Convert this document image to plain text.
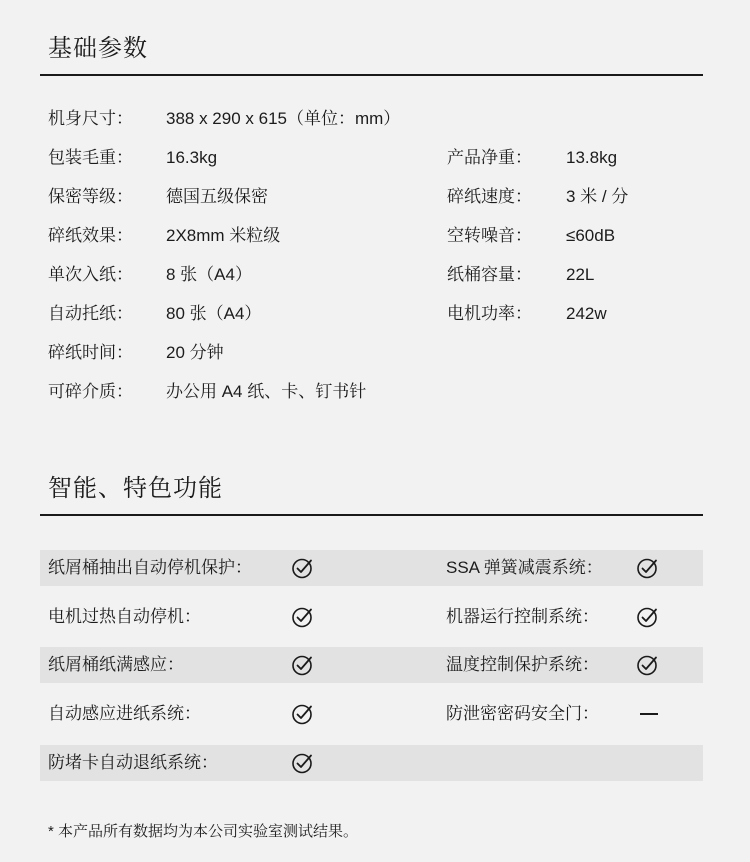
基础参数
机身尺寸： 388 x 290 x 615（单位：mm）
包装毛重： 16.3kg	产品净重： 13.8kg
保密等级： 德国五级保密	碎纸速度： 3 米 / 分
碎纸效果： 2X8mm 米粒级	空转噪音： ≤60dB
单次入纸： 8 张（A4）	纸桶容量： 22L
自动托纸： 80 张（A4）	电机功率： 242w
碎纸时间： 20 分钟
可碎介质： 办公用 A4 纸、卡、钉书针
智能、特色功能
纸屑桶抽出自动停机保护：	SSA 弹簧减震系统：
电机过热自动停机：	机器运行控制系统：
纸屑桶纸满感应：	温度控制保护系统：
自动感应进纸系统：	防泄密密码安全门：
防堵卡自动退纸系统：
* 本产品所有数据均为本公司实验室测试结果。
